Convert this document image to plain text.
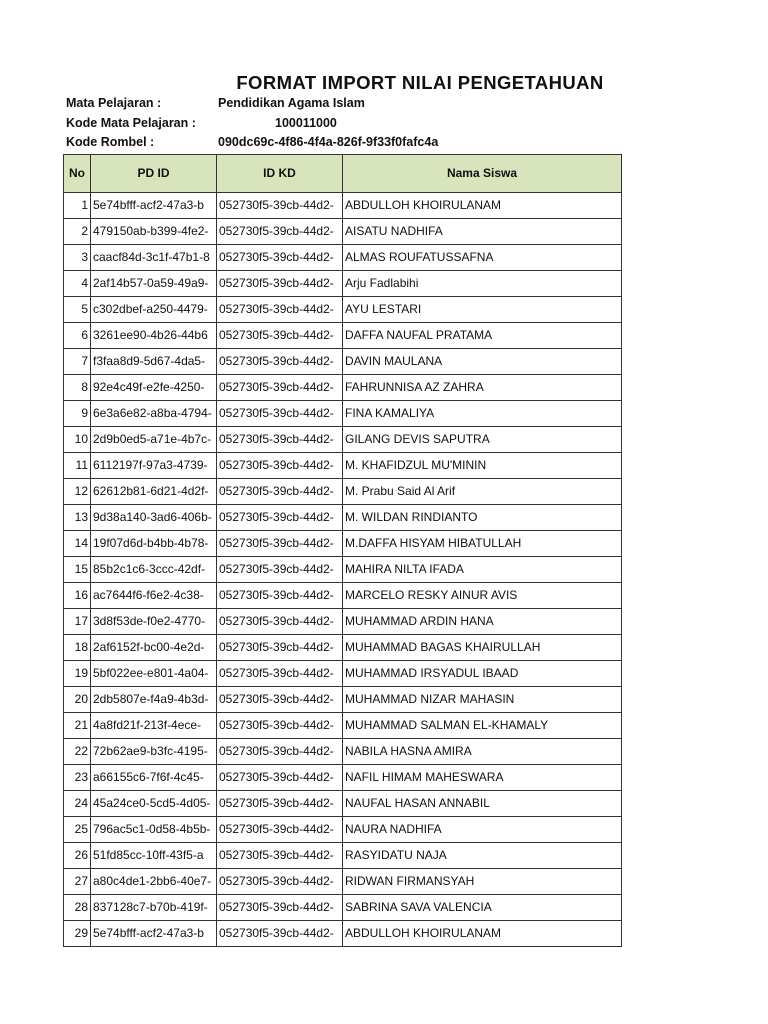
FORMAT IMPORT NILAI PENGETAHUAN
Mata Pelajaran :	Pendidikan Agama Islam
Kode Mata Pelajaran :	100011000
Kode Rombel :	090dc69c-4f86-4f4a-826f-9f33f0fafc4a
No	PD ID	ID KD	Nama Siswa
1	5e74bfff-acf2-47a3-b	052730f5-39cb-44d2-	ABDULLOH KHOIRULANAM
2	479150ab-b399-4fe2-	052730f5-39cb-44d2-	AISATU NADHIFA
3	caacf84d-3c1f-47b1-8	052730f5-39cb-44d2-	ALMAS ROUFATUSSAFNA
4	2af14b57-0a59-49a9-	052730f5-39cb-44d2-	Arju Fadlabihi
5	c302dbef-a250-4479-	052730f5-39cb-44d2-	AYU LESTARI
6	3261ee90-4b26-44b6	052730f5-39cb-44d2-	DAFFA NAUFAL PRATAMA
7	f3faa8d9-5d67-4da5-	052730f5-39cb-44d2-	DAVIN MAULANA
8	92e4c49f-e2fe-4250-	052730f5-39cb-44d2-	FAHRUNNISA AZ ZAHRA
9	6e3a6e82-a8ba-4794-	052730f5-39cb-44d2-	FINA KAMALIYA
10	2d9b0ed5-a71e-4b7c-	052730f5-39cb-44d2-	GILANG DEVIS SAPUTRA
11	6112197f-97a3-4739-	052730f5-39cb-44d2-	M. KHAFIDZUL MU'MININ
12	62612b81-6d21-4d2f-	052730f5-39cb-44d2-	M. Prabu Said Al Arif
13	9d38a140-3ad6-406b-	052730f5-39cb-44d2-	M. WILDAN RINDIANTO
14	19f07d6d-b4bb-4b78-	052730f5-39cb-44d2-	M.DAFFA HISYAM HIBATULLAH
15	85b2c1c6-3ccc-42df-	052730f5-39cb-44d2-	MAHIRA NILTA IFADA
16	ac7644f6-f6e2-4c38-	052730f5-39cb-44d2-	MARCELO RESKY AINUR AVIS
17	3d8f53de-f0e2-4770-	052730f5-39cb-44d2-	MUHAMMAD ARDIN HANA
18	2af6152f-bc00-4e2d-	052730f5-39cb-44d2-	MUHAMMAD BAGAS KHAIRULLAH
19	5bf022ee-e801-4a04-	052730f5-39cb-44d2-	MUHAMMAD IRSYADUL IBAAD
20	2db5807e-f4a9-4b3d-	052730f5-39cb-44d2-	MUHAMMAD NIZAR MAHASIN
21	4a8fd21f-213f-4ece-	052730f5-39cb-44d2-	MUHAMMAD SALMAN EL-KHAMALY
22	72b62ae9-b3fc-4195-	052730f5-39cb-44d2-	NABILA HASNA AMIRA
23	a66155c6-7f6f-4c45-	052730f5-39cb-44d2-	NAFIL HIMAM MAHESWARA
24	45a24ce0-5cd5-4d05-	052730f5-39cb-44d2-	NAUFAL HASAN ANNABIL
25	796ac5c1-0d58-4b5b-	052730f5-39cb-44d2-	NAURA NADHIFA
26	51fd85cc-10ff-43f5-a	052730f5-39cb-44d2-	RASYIDATU NAJA
27	a80c4de1-2bb6-40e7-	052730f5-39cb-44d2-	RIDWAN FIRMANSYAH
28	837128c7-b70b-419f-	052730f5-39cb-44d2-	SABRINA SAVA VALENCIA
29	5e74bfff-acf2-47a3-b	052730f5-39cb-44d2-	ABDULLOH KHOIRULANAM
